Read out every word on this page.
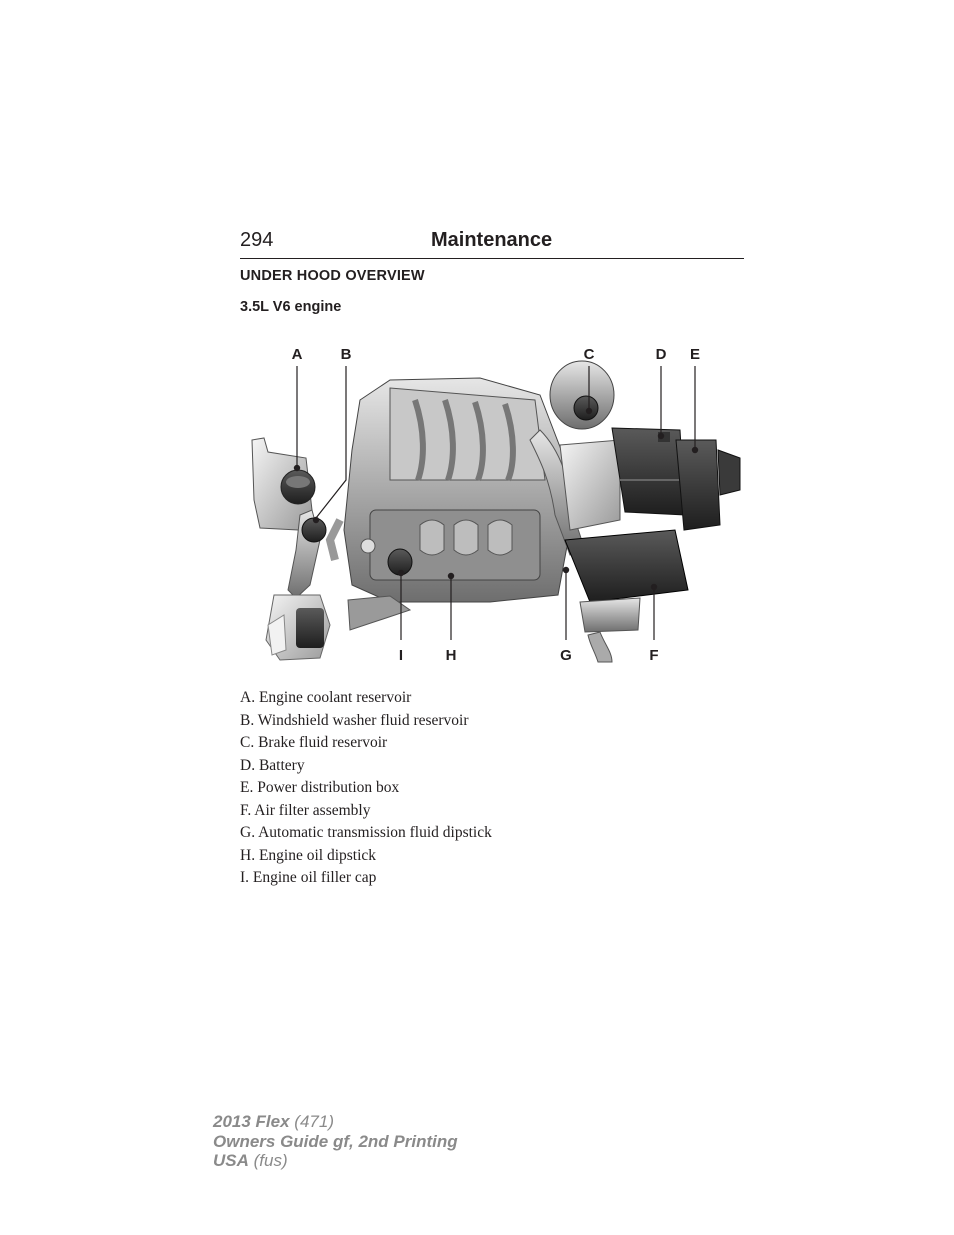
294	Maintenance
UNDER HOOD OVERVIEW
3.5L V6 engine
A	B	C	D E
I	H	G	F
A. Engine coolant reservoir
B. Windshield washer fluid reservoir
C. Brake fluid reservoir
D. Battery
E. Power distribution box
F. Air filter assembly
G. Automatic transmission fluid dipstick
H. Engine oil dipstick
I. Engine oil filler cap
2013 Flex (471)
Owners Guide gf, 2nd Printing
USA (fus)
